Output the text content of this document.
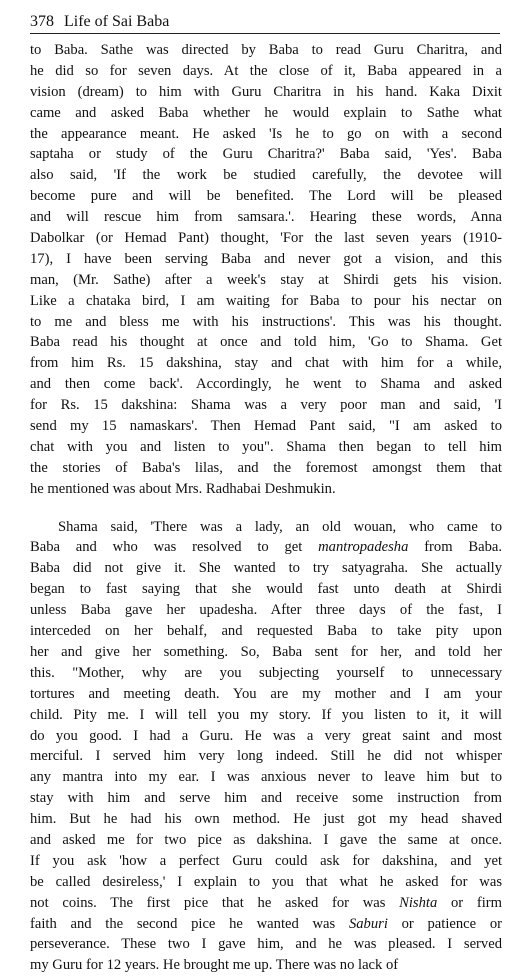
378 Life of Sai Baba
to Baba. Sathe was directed by Baba to read Guru Charitra, and
he did so for seven days. At the close of it, Baba appeared in a
vision (dream) to him with Guru Charitra in his hand. Kaka Dixit
came and asked Baba whether he would explain to Sathe what
the appearance meant. He asked 'Is he to go on with a second
saptaha or study of the Guru Charitra?' Baba said, 'Yes'. Baba
also said, 'If the work be studied carefully, the devotee will
become pure and will be benefited. The Lord will be pleased
and will rescue him from samsara.'. Hearing these words, Anna
Dabolkar (or Hemad Pant) thought, 'For the last seven years (1910-
17), I have been serving Baba and never got a vision, and this
man, (Mr. Sathe) after a week's stay at Shirdi gets his vision.
Like a chataka bird, I am waiting for Baba to pour his nectar on
to me and bless me with his instructions'. This was his thought.
Baba read his thought at once and told him, 'Go to Shama. Get
from him Rs. 15 dakshina, stay and chat with him for a while,
and then come back'. Accordingly, he went to Shama and asked
for Rs. 15 dakshina: Shama was a very poor man and said, 'I
send my 15 namaskars'. Then Hemad Pant said, "I am asked to
chat with you and listen to you". Shama then began to tell him
the stories of Baba's lilas, and the foremost amongst them that
he mentioned was about Mrs. Radhabai Deshmukin.
Shama said, 'There was a lady, an old wouan, who came to
Baba and who was resolved to get mantropadesha from Baba.
Baba did not give it. She wanted to try satyagraha. She actually
began to fast saying that she would fast unto death at Shirdi
unless Baba gave her upadesha. After three days of the fast, I
interceded on her behalf, and requested Baba to take pity upon
her and give her something. So, Baba sent for her, and told her
this. "Mother, why are you subjecting yourself to unnecessary
tortures and meeting death. You are my mother and I am your
child. Pity me. I will tell you my story. If you listen to it, it will
do you good. I had a Guru. He was a very great saint and most
merciful. I served him very long indeed. Still he did not whisper
any mantra into my ear. I was anxious never to leave him but to
stay with him and serve him and receive some instruction from
him. But he had his own method. He just got my head shaved
and asked me for two pice as dakshina. I gave the same at once.
If you ask 'how a perfect Guru could ask for dakshina, and yet
be called desireless,' I explain to you that what he asked for was
not coins. The first pice that he asked for was Nishta or firm
faith and the second pice he wanted was Saburi or patience or
perseverance. These two I gave him, and he was pleased. I served
my Guru for 12 years. He brought me up. There was no lack of
